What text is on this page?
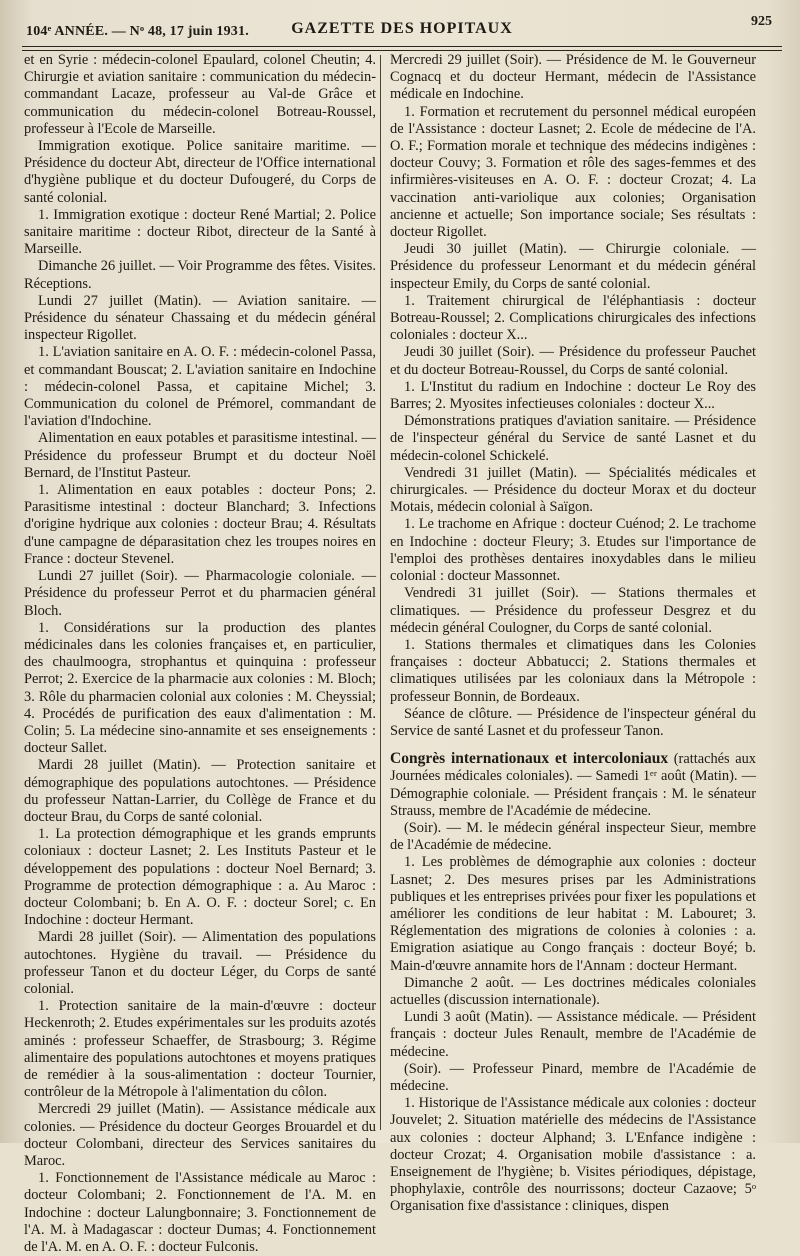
104ᵉ ANNÉE. — Nᵒ 48, 17 juin 1931.	GAZETTE DES HOPITAUX	925

et en Syrie : médecin-colonel Epaulard, colonel Cheutin; 4. Chirurgie et aviation sanitaire : communication du médecin-commandant Lacaze, professeur au Val-de Grâce et communication du médecin-colonel Botreau-Roussel, professeur à l'Ecole de Marseille.

Immigration exotique. Police sanitaire maritime. — Présidence du docteur Abt, directeur de l'Office international d'hygiène publique et du docteur Dufougeré, du Corps de santé colonial.

1. Immigration exotique : docteur René Martial; 2. Police sanitaire maritime : docteur Ribot, directeur de la Santé à Marseille.

Dimanche 26 juillet. — Voir Programme des fêtes. Visites. Réceptions.

Lundi 27 juillet (Matin). — Aviation sanitaire. — Présidence du sénateur Chassaing et du médecin général inspecteur Rigollet.

1. L'aviation sanitaire en A. O. F. : médecin-colonel Passa, et commandant Bouscat; 2. L'aviation sanitaire en Indochine : médecin-colonel Passa, et capitaine Michel; 3. Communication du colonel de Prémorel, commandant de l'aviation d'Indochine.

Alimentation en eaux potables et parasitisme intestinal. — Présidence du professeur Brumpt et du docteur Noël Bernard, de l'Institut Pasteur.

1. Alimentation en eaux potables : docteur Pons; 2. Parasitisme intestinal : docteur Blanchard; 3. Infections d'origine hydrique aux colonies : docteur Brau; 4. Résultats d'une campagne de déparasitation chez les troupes noires en France : docteur Stevenel.

Lundi 27 juillet (Soir). — Pharmacologie coloniale. — Présidence du professeur Perrot et du pharmacien général Bloch.

1. Considérations sur la production des plantes médicinales dans les colonies françaises et, en particulier, des chaulmoogra, strophantus et quinquina : professeur Perrot; 2. Exercice de la pharmacie aux colonies : M. Bloch; 3. Rôle du pharmacien colonial aux colonies : M. Cheyssial; 4. Procédés de purification des eaux d'alimentation : M. Colin; 5. La médecine sino-annamite et ses enseignements : docteur Sallet.

Mardi 28 juillet (Matin). — Protection sanitaire et démographique des populations autochtones. — Présidence du professeur Nattan-Larrier, du Collège de France et du docteur Brau, du Corps de santé colonial.

1. La protection démographique et les grands emprunts coloniaux : docteur Lasnet; 2. Les Instituts Pasteur et le développement des populations : docteur Noel Bernard; 3. Programme de protection démographique : a. Au Maroc : docteur Colombani; b. En A. O. F. : docteur Sorel; c. En Indochine : docteur Hermant.

Mardi 28 juillet (Soir). — Alimentation des populations autochtones. Hygiène du travail. — Présidence du professeur Tanon et du docteur Léger, du Corps de santé colonial.

1. Protection sanitaire de la main-d'œuvre : docteur Heckenroth; 2. Etudes expérimentales sur les produits azotés aminés : professeur Schaeffer, de Strasbourg; 3. Régime alimentaire des populations autochtones et moyens pratiques de remédier à la sous-alimentation : docteur Tournier, contrôleur de la Métropole à l'alimentation du côlon.

Mercredi 29 juillet (Matin). — Assistance médicale aux colonies. — Présidence du docteur Georges Brouardel et du docteur Colombani, directeur des Services sanitaires du Maroc.

1. Fonctionnement de l'Assistance médicale au Maroc : docteur Colombani; 2. Fonctionnement de l'A. M. en Indochine : docteur Lalungbonnaire; 3. Fonctionnement de l'A. M. à Madagascar : docteur Dumas; 4. Fonctionnement de l'A. M. en A. O. F. : docteur Fulconis.

Mercredi 29 juillet (Soir). — Présidence de M. le Gouverneur Cognacq et du docteur Hermant, médecin de l'Assistance médicale en Indochine.

1. Formation et recrutement du personnel médical européen de l'Assistance : docteur Lasnet; 2. Ecole de médecine de l'A. O. F.; Formation morale et technique des médecins indigènes : docteur Couvy; 3. Formation et rôle des sages-femmes et des infirmières-visiteuses en A. O. F. : docteur Crozat; 4. La vaccination anti-variolique aux colonies; Organisation ancienne et actuelle; Son importance sociale; Ses résultats : docteur Rigollet.

Jeudi 30 juillet (Matin). — Chirurgie coloniale. — Présidence du professeur Lenormant et du médecin général inspecteur Emily, du Corps de santé colonial.

1. Traitement chirurgical de l'éléphantiasis : docteur Botreau-Roussel; 2. Complications chirurgicales des infections coloniales : docteur X...

Jeudi 30 juillet (Soir). — Présidence du professeur Pauchet et du docteur Botreau-Roussel, du Corps de santé colonial.

1. L'Institut du radium en Indochine : docteur Le Roy des Barres; 2. Myosites infectieuses coloniales : docteur X...

Démonstrations pratiques d'aviation sanitaire. — Présidence de l'inspecteur général du Service de santé Lasnet et du médecin-colonel Schickelé.

Vendredi 31 juillet (Matin). — Spécialités médicales et chirurgicales. — Présidence du docteur Morax et du docteur Motais, médecin colonial à Saïgon.

1. Le trachome en Afrique : docteur Cuénod; 2. Le trachome en Indochine : docteur Fleury; 3. Etudes sur l'importance de l'emploi des prothèses dentaires inoxydables dans le milieu colonial : docteur Massonnet.

Vendredi 31 juillet (Soir). — Stations thermales et climatiques. — Présidence du professeur Desgrez et du médecin général Coulogner, du Corps de santé colonial.

1. Stations thermales et climatiques dans les Colonies françaises : docteur Abbatucci; 2. Stations thermales et climatiques utilisées par les coloniaux dans la Métropole : professeur Bonnin, de Bordeaux.

Séance de clôture. — Présidence de l'inspecteur général du Service de santé Lasnet et du professeur Tanon.

Congrès internationaux et intercoloniaux (rattachés aux Journées médicales coloniales). — Samedi 1ᵉʳ août (Matin). — Démographie coloniale. — Président français : M. le sénateur Strauss, membre de l'Académie de médecine.

(Soir). — M. le médecin général inspecteur Sieur, membre de l'Académie de médecine.

1. Les problèmes de démographie aux colonies : docteur Lasnet; 2. Des mesures prises par les Administrations publiques et les entreprises privées pour fixer les populations et améliorer les conditions de leur habitat : M. Labouret; 3. Réglementation des migrations de colonies à colonies : a. Emigration asiatique au Congo français : docteur Boyé; b. Main-d'œuvre annamite hors de l'Annam : docteur Hermant.

Dimanche 2 août. — Les doctrines médicales coloniales actuelles (discussion internationale).

Lundi 3 août (Matin). — Assistance médicale. — Président français : docteur Jules Renault, membre de l'Académie de médecine.

(Soir). — Professeur Pinard, membre de l'Académie de médecine.

1. Historique de l'Assistance médicale aux colonies : docteur Jouvelet; 2. Situation matérielle des médecins de l'Assistance aux colonies : docteur Alphand; 3. L'Enfance indigène : docteur Crozat; 4. Organisation mobile d'assistance : a. Enseignement de l'hygiène; b. Visites périodiques, dépistage, phophylaxie, contrôle des nourrissons; docteur Cazaove; 5ᵒ Organisation fixe d'assistance : cliniques, dispen
